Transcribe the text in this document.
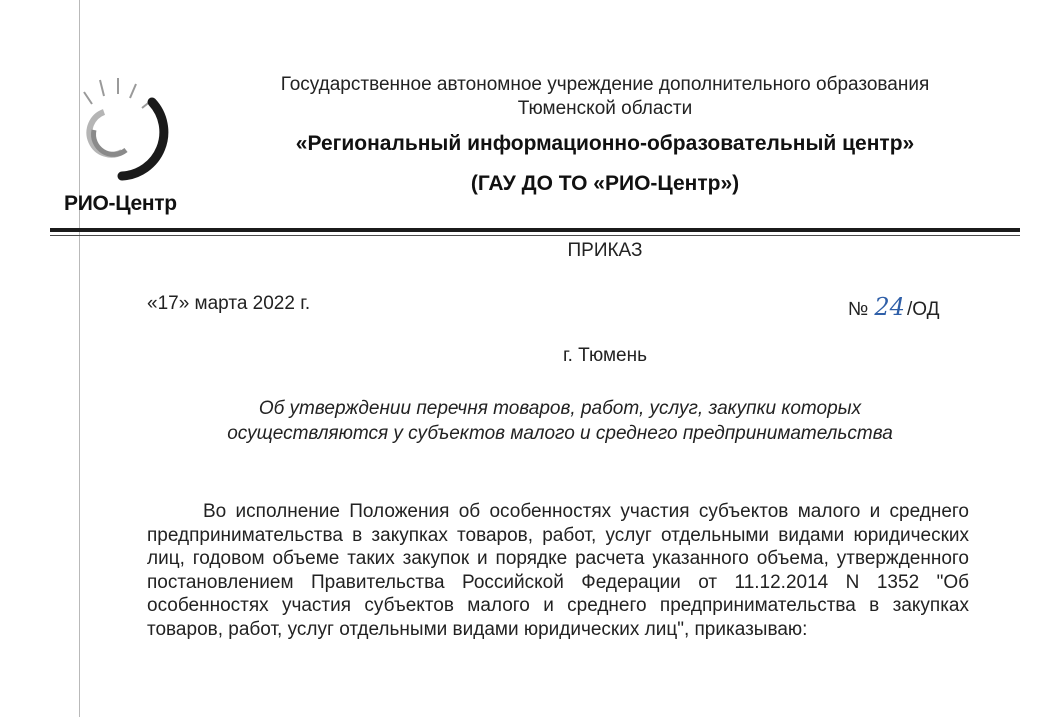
РИО-Центр
Государственное автономное учреждение дополнительного образования
Тюменской области
«Региональный информационно-образовательный центр»
(ГАУ ДО ТО «РИО-Центр»)
ПРИКАЗ
«17» марта 2022 г.	№ 24 /ОД
г. Тюмень
Об утверждении перечня товаров, работ, услуг, закупки которых
осуществляются у субъектов малого и среднего предпринимательства

Во исполнение Положения об особенностях участия субъектов малого и среднего предпринимательства в закупках товаров, работ, услуг отдельными видами юридических лиц, годовом объеме таких закупок и порядке расчета указанного объема, утвержденного постановлением Правительства Российской Федерации от 11.12.2014 N 1352 "Об особенностях участия субъектов малого и среднего предпринимательства в закупках товаров, работ, услуг отдельными видами юридических лиц", приказываю:
